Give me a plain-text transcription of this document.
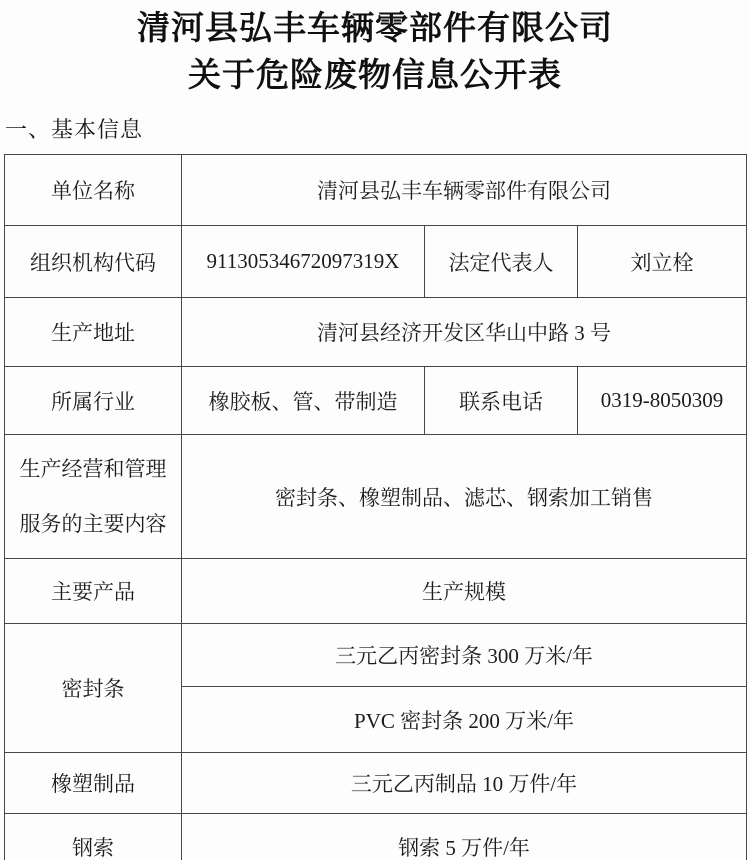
清河县弘丰车辆零部件有限公司
关于危险废物信息公开表
一、基本信息
单位名称	清河县弘丰车辆零部件有限公司		
组织机构代码	91130534672097319X	法定代表人	刘立栓
生产地址	清河县经济开发区华山中路 3 号		
所属行业	橡胶板、管、带制造	联系电话	0319-8050309

生产经营和管理
服务的主要内容	密封条、橡塑制品、滤芯、钢索加工销售		
主要产品	生产规模		
密封条	三元乙丙密封条 300 万米/年		
	PVC 密封条 200 万米/年		
橡塑制品	三元乙丙制品 10 万件/年		
钢索	钢索 5 万件/年		
